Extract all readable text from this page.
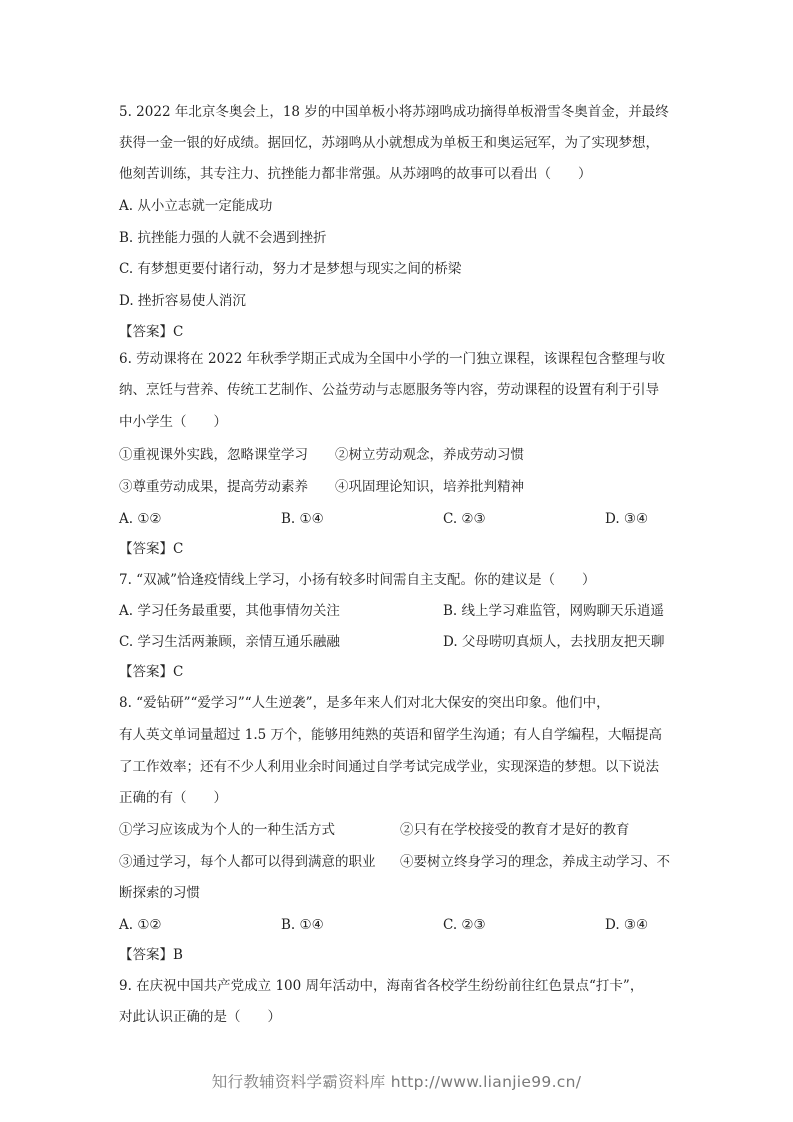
5. 2022 年北京冬奥会上，18 岁的中国单板小将苏翊鸣成功摘得单板滑雪冬奥首金，并最终
获得一金一银的好成绩。据回忆，苏翊鸣从小就想成为单板王和奥运冠军，为了实现梦想，
他刻苦训练，其专注力、抗挫能力都非常强。从苏翊鸣的故事可以看出（　　）
A. 从小立志就一定能成功
B. 抗挫能力强的人就不会遇到挫折
C. 有梦想更要付诸行动，努力才是梦想与现实之间的桥梁
D. 挫折容易使人消沉
【答案】C
6. 劳动课将在 2022 年秋季学期正式成为全国中小学的一门独立课程，该课程包含整理与收
纳、烹饪与营养、传统工艺制作、公益劳动与志愿服务等内容，劳动课程的设置有利于引导
中小学生（　　）
①重视课外实践，忽略课堂学习　　②树立劳动观念，养成劳动习惯
③尊重劳动成果，提高劳动素养　　④巩固理论知识，培养批判精神
A. ①②	B. ①④	C. ②③	D. ③④
【答案】C
7. “双减”恰逢疫情线上学习，小扬有较多时间需自主支配。你的建议是（　　）
A. 学习任务最重要，其他事情勿关注	B. 线上学习难监管，网购聊天乐逍遥
C. 学习生活两兼顾，亲情互通乐融融	D. 父母唠叨真烦人，去找朋友把天聊
【答案】C
8. “爱钻研”“爱学习”“人生逆袭”，是多年来人们对北大保安的突出印象。他们中，
有人英文单词量超过 1.5 万个，能够用纯熟的英语和留学生沟通；有人自学编程，大幅提高
了工作效率；还有不少人利用业余时间通过自学考试完成学业，实现深造的梦想。以下说法
正确的有（　　）
①学习应该成为个人的一种生活方式	②只有在学校接受的教育才是好的教育
③通过学习，每个人都可以得到满意的职业 ④要树立终身学习的理念，养成主动学习、不
断探索的习惯
A. ①②	B. ①④	C. ②③	D. ③④
【答案】B
9. 在庆祝中国共产党成立 100 周年活动中，海南省各校学生纷纷前往红色景点“打卡”，
对此认识正确的是（　　）
知行教辅资料学霸资料库 http://www.lianjie99.cn/
